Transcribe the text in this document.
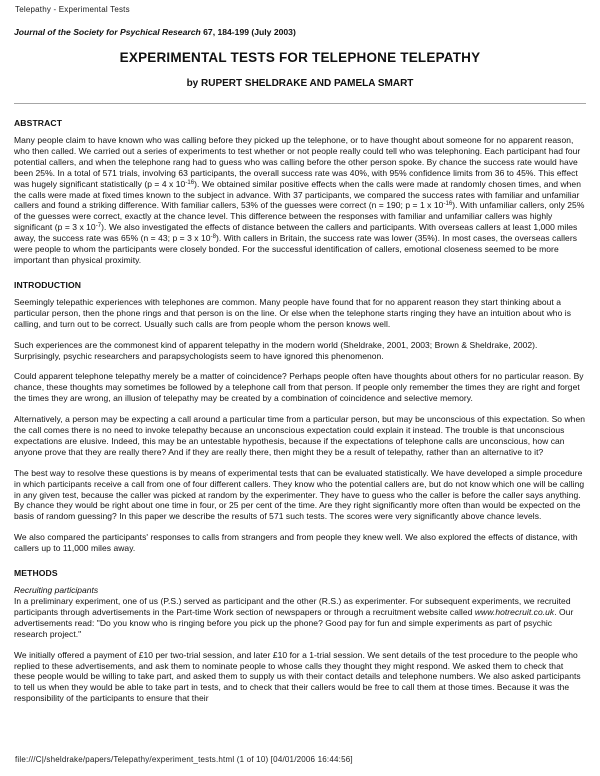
Telepathy - Experimental Tests

Journal of the Society for Psychical Research 67, 184-199 (July 2003)

EXPERIMENTAL TESTS FOR TELEPHONE TELEPATHY
by RUPERT SHELDRAKE AND PAMELA SMART
ABSTRACT

Many people claim to have known who was calling before they picked up the telephone, or to have thought about someone for no apparent reason, who then called. We carried out a series of experiments to test whether or not people really could tell who was telephoning. Each participant had four potential callers, and when the telephone rang had to guess who was calling before the other person spoke. By chance the success rate would have been 25%. In a total of 571 trials, involving 63 participants, the overall success rate was 40%, with 95% confidence limits from 36 to 45%. This effect was hugely significant statistically (p = 4 x $10^{-16}$). We obtained similar positive effects when the calls were made at randomly chosen times, and when the calls were made at fixed times known to the subject in advance. With 37 participants, we compared the success rates with familiar and unfamiliar callers and found a striking difference. With familiar callers, 53% of the guesses were correct (n = 190; p = 1 x $10^{-16}$). With unfamiliar callers, only 25% of the guesses were correct, exactly at the chance level. This difference between the responses with familiar and unfamiliar callers was highly significant (p = 3 x $10^{-7}$). We also investigated the effects of distance between the callers and participants. With overseas callers at least 1,000 miles away, the success rate was 65% (n = 43; p = 3 x $10^{-8}$). With callers in Britain, the success rate was lower (35%). In most cases, the overseas callers were people to whom the participants were closely bonded. For the successful identification of callers, emotional closeness seemed to be more important than physical proximity.

INTRODUCTION

Seemingly telepathic experiences with telephones are common. Many people have found that for no apparent reason they start thinking about a particular person, then the phone rings and that person is on the line. Or else when the telephone starts ringing they have an intuition about who is calling, and turn out to be correct. Usually such calls are from people whom the person knows well.

Such experiences are the commonest kind of apparent telepathy in the modern world (Sheldrake, 2001, 2003; Brown & Sheldrake, 2002). Surprisingly, psychic researchers and parapsychologists seem to have ignored this phenomenon.

Could apparent telephone telepathy merely be a matter of coincidence? Perhaps people often have thoughts about others for no particular reason. By chance, these thoughts may sometimes be followed by a telephone call from that person. If people only remember the times they are right and forget the times they are wrong, an illusion of telepathy may be created by a combination of coincidence and selective memory.

Alternatively, a person may be expecting a call around a particular time from a particular person, but may be unconscious of this expectation. So when the call comes there is no need to invoke telepathy because an unconscious expectation could explain it instead. The trouble is that unconscious expectations are elusive. Indeed, this may be an untestable hypothesis, because if the expectations of telephone calls are unconscious, how can anyone prove that they are really there? And if they are really there, then might they be a result of telepathy, rather than an alternative to it?

The best way to resolve these questions is by means of experimental tests that can be evaluated statistically. We have developed a simple procedure in which participants receive a call from one of four different callers. They know who the potential callers are, but do not know which one will be calling in any given test, because the caller was picked at random by the experimenter. They have to guess who the caller is before the caller says anything. By chance they would be right about one time in four, or 25 per cent of the time. Are they right significantly more often than would be expected on the basis of random guessing? In this paper we describe the results of 571 such tests. The scores were very significantly above chance levels.

We also compared the participants' responses to calls from strangers and from people they knew well. We also explored the effects of distance, with callers up to 11,000 miles away.

METHODS

Recruiting participants

In a preliminary experiment, one of us (P.S.) served as participant and the other (R.S.) as experimenter. For subsequent experiments, we recruited participants through advertisements in the Part-time Work section of newspapers or through a recruitment website called www.hotrecruit.co.uk. Our advertisements read: "Do you know who is ringing before you pick up the phone? Good pay for fun and simple experiments as part of psychic research project."

We initially offered a payment of £10 per two-trial session, and later £10 for a 1-trial session. We sent details of the test procedure to the people who replied to these advertisements, and ask them to nominate people to whose calls they thought they might respond. We asked them to check that these people would be willing to take part, and asked them to supply us with their contact details and telephone numbers. We also asked participants to tell us when they would be able to take part in tests, and to check that their callers would be free to call them at those times. Because it was the responsibility of the participants to ensure that their

file:///C|/sheldrake/papers/Telepathy/experiment_tests.html (1 of 10) [04/01/2006 16:44:56]
